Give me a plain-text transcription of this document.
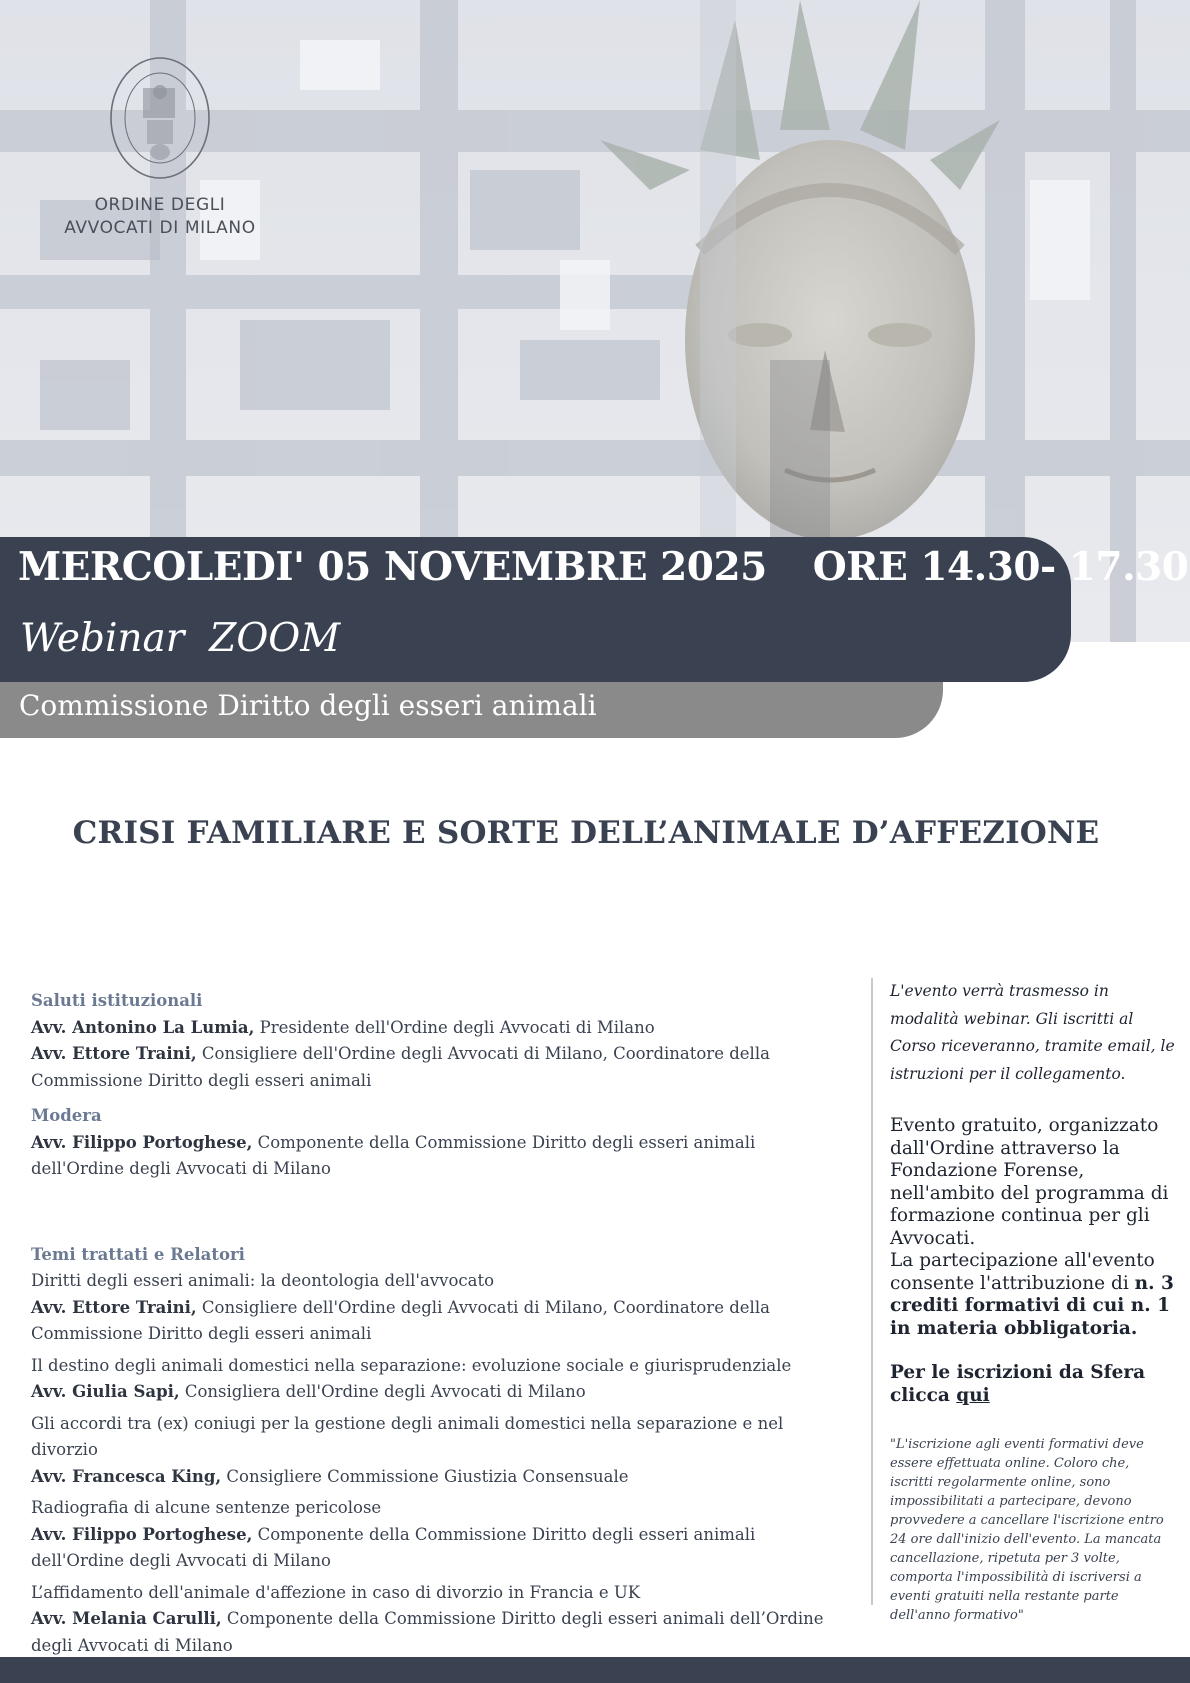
ORDINE DEGLI
AVVOCATI DI MILANO
MERCOLEDI' 05 NOVEMBRE 2025 ORE 14.30- 17.30
Webinar  ZOOM
Commissione Diritto degli esseri animali
CRISI FAMILIARE E SORTE DELL’ANIMALE D’AFFEZIONE

Saluti istituzionali

Avv. Antonino La Lumia, Presidente dell'Ordine degli Avvocati di Milano

Avv. Ettore Traini, Consigliere dell'Ordine degli Avvocati di Milano, Coordinatore della Commissione Diritto degli esseri animali

Modera

Avv. Filippo Portoghese, Componente della Commissione Diritto degli esseri animali dell'Ordine degli Avvocati di Milano

Temi trattati e Relatori

Diritti degli esseri animali: la deontologia dell'avvocato

Avv. Ettore Traini, Consigliere dell'Ordine degli Avvocati di Milano, Coordinatore della Commissione Diritto degli esseri animali

Il destino degli animali domestici nella separazione: evoluzione sociale e giurisprudenziale

Avv. Giulia Sapi, Consigliera dell'Ordine degli Avvocati di Milano

Gli accordi tra (ex) coniugi per la gestione degli animali domestici nella separazione e nel divorzio

Avv. Francesca King, Consigliere Commissione Giustizia Consensuale

Radiografia di alcune sentenze pericolose

Avv. Filippo Portoghese, Componente della Commissione Diritto degli esseri animali dell'Ordine degli Avvocati di Milano

L’affidamento dell'animale d'affezione in caso di divorzio in Francia e UK

Avv. Melania Carulli, Componente della Commissione Diritto degli esseri animali dell’Ordine degli Avvocati di Milano

L'evento verrà trasmesso in modalità webinar. Gli iscritti al Corso riceveranno, tramite email, le istruzioni per il collegamento.

Evento gratuito, organizzato dall'Ordine attraverso la Fondazione Forense, nell'ambito del programma di formazione continua per gli Avvocati.
La partecipazione all'evento consente l'attribuzione di n. 3 crediti formativi di cui n. 1 in materia obbligatoria.

Per le iscrizioni da Sfera clicca qui

"L'iscrizione agli eventi formativi deve essere effettuata online. Coloro che, iscritti regolarmente online, sono impossibilitati a partecipare, devono provvedere a cancellare l'iscrizione entro 24 ore dall'inizio dell'evento. La mancata cancellazione, ripetuta per 3 volte, comporta l'impossibilità di iscriversi a eventi gratuiti nella restante parte dell'anno formativo"
